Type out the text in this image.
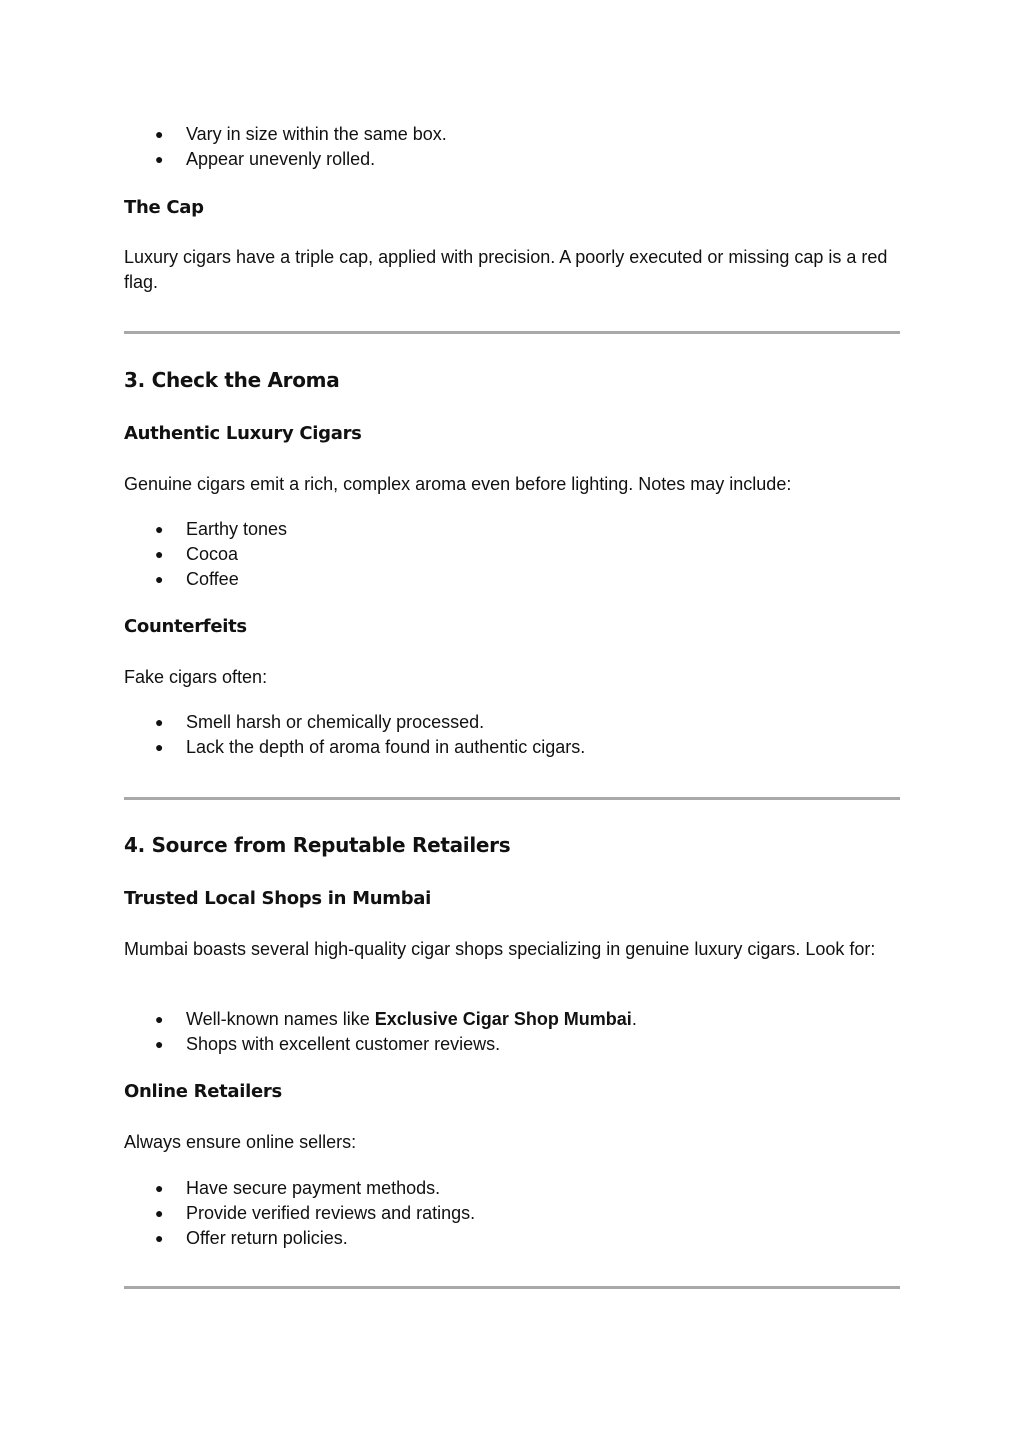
● Vary in size within the same box.
● Appear unevenly rolled.
The Cap

Luxury cigars have a triple cap, applied with precision. A poorly executed or missing cap is a red flag.

3. Check the Aroma
Authentic Luxury Cigars

Genuine cigars emit a rich, complex aroma even before lighting. Notes may include:

● Earthy tones
● Cocoa
● Coffee
Counterfeits

Fake cigars often:

● Smell harsh or chemically processed.
● Lack the depth of aroma found in authentic cigars.
4. Source from Reputable Retailers
Trusted Local Shops in Mumbai

Mumbai boasts several high-quality cigar shops specializing in genuine luxury cigars. Look for:

● Well-known names like Exclusive Cigar Shop Mumbai.
● Shops with excellent customer reviews.
Online Retailers

Always ensure online sellers:

● Have secure payment methods.
● Provide verified reviews and ratings.
● Offer return policies.
